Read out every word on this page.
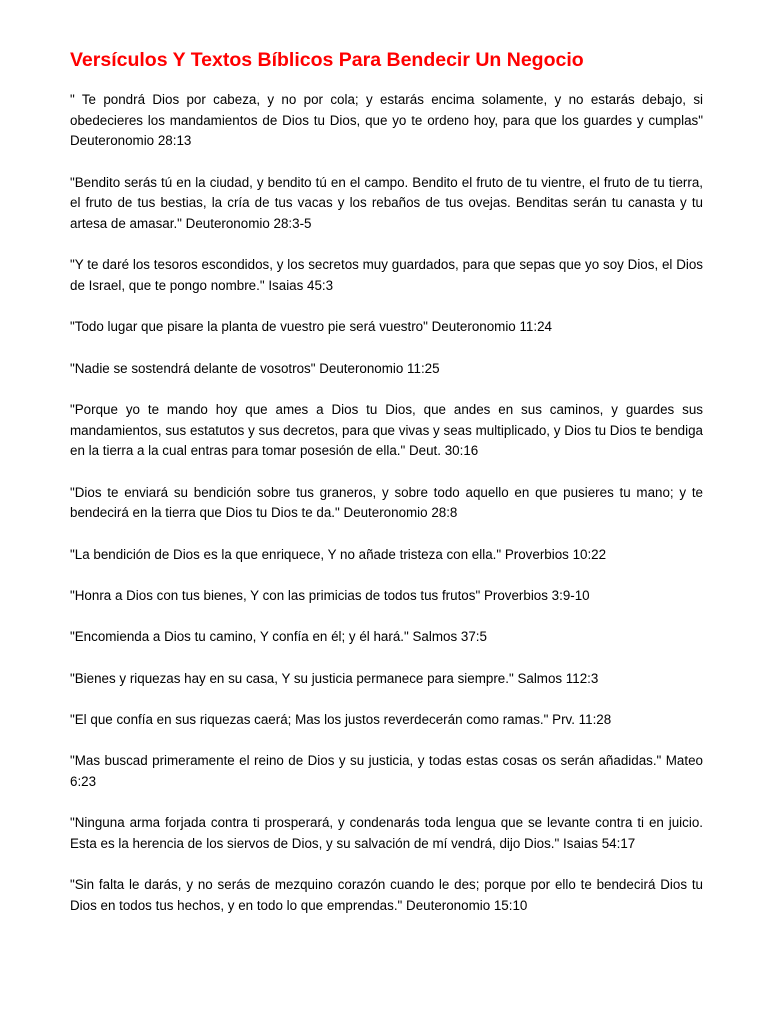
Versículos Y Textos Bíblicos Para Bendecir Un Negocio

" Te pondrá Dios por cabeza, y no por cola; y estarás encima solamente, y no estarás debajo, si obedecieres los mandamientos de Dios tu Dios, que yo te ordeno hoy, para que los guardes y cumplas" Deuteronomio 28:13

"Bendito serás tú en la ciudad, y bendito tú en el campo. Bendito el fruto de tu vientre, el fruto de tu tierra, el fruto de tus bestias, la cría de tus vacas y los rebaños de tus ovejas. Benditas serán tu canasta y tu artesa de amasar." Deuteronomio 28:3-5

"Y te daré los tesoros escondidos, y los secretos muy guardados, para que sepas que yo soy Dios, el Dios de Israel, que te pongo nombre." Isaias 45:3

"Todo lugar que pisare la planta de vuestro pie será vuestro" Deuteronomio 11:24

"Nadie se sostendrá delante de vosotros" Deuteronomio 11:25

"Porque yo te mando hoy que ames a Dios tu Dios, que andes en sus caminos, y guardes sus mandamientos, sus estatutos y sus decretos, para que vivas y seas multiplicado, y Dios tu Dios te bendiga en la tierra a la cual entras para tomar posesión de ella." Deut. 30:16

"Dios te enviará su bendición sobre tus graneros, y sobre todo aquello en que pusieres tu mano; y te bendecirá en la tierra que Dios tu Dios te da." Deuteronomio 28:8

"La bendición de Dios es la que enriquece, Y no añade tristeza con ella." Proverbios 10:22

"Honra a Dios con tus bienes, Y con las primicias de todos tus frutos" Proverbios 3:9-10

"Encomienda a Dios tu camino, Y confía en él; y él hará." Salmos 37:5

"Bienes y riquezas hay en su casa, Y su justicia permanece para siempre." Salmos 112:3

"El que confía en sus riquezas caerá; Mas los justos reverdecerán como ramas." Prv. 11:28

"Mas buscad primeramente el reino de Dios y su justicia, y todas estas cosas os serán añadidas." Mateo 6:23

"Ninguna arma forjada contra ti prosperará, y condenarás toda lengua que se levante contra ti en juicio. Esta es la herencia de los siervos de Dios, y su salvación de mí vendrá, dijo Dios." Isaias 54:17

"Sin falta le darás, y no serás de mezquino corazón cuando le des; porque por ello te bendecirá Dios tu Dios en todos tus hechos, y en todo lo que emprendas." Deuteronomio 15:10
